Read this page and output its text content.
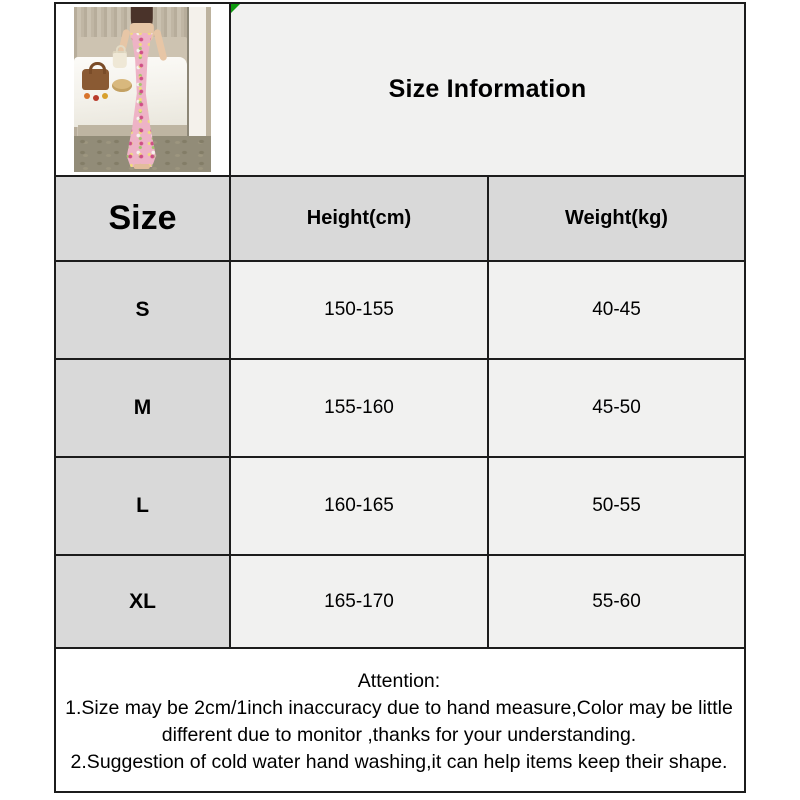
Size Information	
Size	Height(cm)	Weight(kg)
S	150-155	40-45
M	155-160	45-50
L	160-165	50-55
XL	165-170	55-60

Attention:
1.Size may be 2cm/1inch inaccuracy due to hand measure,Color may be little different due to monitor ,thanks for your understanding.
2.Suggestion of cold water hand washing,it can help items keep their shape.		
